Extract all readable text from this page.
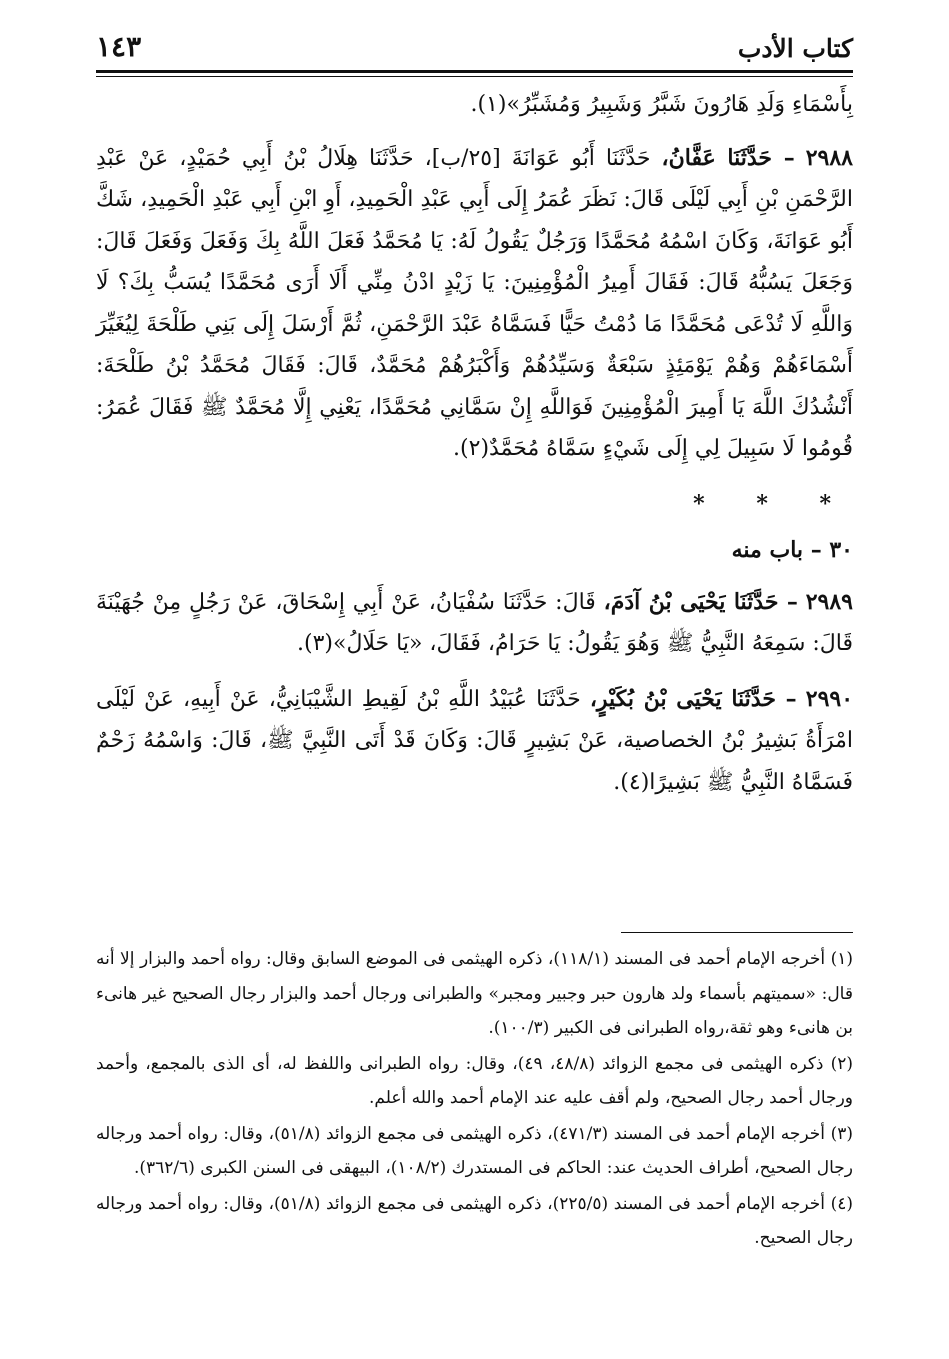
كتاب الأدب
١٤٣

بِأَسْمَاءِ وَلَدِ هَارُونَ شَبَّرُ وَشَبِيرُ وَمُشَبِّرُ»(١).

٢٩٨٨ – حَدَّثَنَا عَفَّانُ، حَدَّثَنَا أَبُو عَوَانَةَ [٢٥/ب]، حَدَّثَنَا هِلَالُ بْنُ أَبِي حُمَيْدٍ، عَنْ عَبْدِ الرَّحْمَنِ بْنِ أَبِي لَيْلَى قَالَ: نَظَرَ عُمَرُ إِلَى أَبِي عَبْدِ الْحَمِيدِ، أَوِ ابْنِ أَبِي عَبْدِ الْحَمِيدِ، شَكَّ أَبُو عَوَانَةَ، وَكَانَ اسْمُهُ مُحَمَّدًا وَرَجُلٌ يَقُولُ لَهُ: يَا مُحَمَّدُ فَعَلَ اللَّهُ بِكَ وَفَعَلَ وَفَعَلَ قَالَ: وَجَعَلَ يَسُبُّهُ قَالَ: فَقَالَ أَمِيرُ الْمُؤْمِنِينَ: يَا زَيْدٍ ادْنُ مِنِّي أَلَا أَرَى مُحَمَّدًا يُسَبُّ بِكَ؟ لَا وَاللَّهِ لَا تُدْعَى مُحَمَّدًا مَا دُمْتُ حَيًّا فَسَمَّاهُ عَبْدَ الرَّحْمَنِ، ثُمَّ أَرْسَلَ إِلَى بَنِي طَلْحَةَ لِيُغَيِّرَ أَسْمَاءَهُمْ وَهُمْ يَوْمَئِذٍ سَبْعَةٌ وَسَيِّدُهُمْ وَأَكْبَرُهُمْ مُحَمَّدٌ، قَالَ: فَقَالَ مُحَمَّدُ بْنُ طَلْحَةَ: أَنْشُدُكَ اللَّهَ يَا أَمِيرَ الْمُؤْمِنِينَ فَوَاللَّهِ إِنْ سَمَّانِي مُحَمَّدًا، يَعْنِي إِلَّا مُحَمَّدٌ ﷺ فَقَالَ عُمَرُ: قُومُوا لَا سَبِيلَ لِي إِلَى شَيْءٍ سَمَّاهُ مُحَمَّدٌ(٢).

* * *

٣٠ – باب منه

٢٩٨٩ – حَدَّثَنَا يَحْيَى بْنُ آدَمَ، قَالَ: حَدَّثَنَا سُفْيَانُ، عَنْ أَبِي إِسْحَاقَ، عَنْ رَجُلٍ مِنْ جُهَيْنَةَ قَالَ: سَمِعَهُ النَّبِيُّ ﷺ وَهُوَ يَقُولُ: يَا حَرَامُ، فَقَالَ، «يَا حَلَالُ»(٣).

٢٩٩٠ – حَدَّثَنَا يَحْيَى بْنُ بُكَيْرٍ، حَدَّثَنَا عُبَيْدُ اللَّهِ بْنُ لَقِيطِ الشَّيْبَانِيُّ، عَنْ أَبِيهِ، عَنْ لَيْلَى امْرَأَةُ بَشِيرُ بْنُ الخصاصية، عَنْ بَشِيرٍ قَالَ: وَكَانَ قَدْ أَتَى النَّبِيَّ ﷺ، قَالَ: وَاسْمُهُ زَحْمٌ فَسَمَّاهُ النَّبِيُّ ﷺ بَشِيرًا(٤).

(١) أخرجه الإمام أحمد فى المسند (١١٨/١)، ذكره الهيثمى فى الموضع السابق وقال: رواه أحمد والبزار إلا أنه قال: «سميتهم بأسماء ولد هارون حبر وجبير ومجبر» والطبرانى ورجال أحمد والبزار رجال الصحيح غير هانىء بن هانىء وهو ثقة،رواه الطبرانى فى الكبير (١٠٠/٣).

(٢) ذكره الهيثمى فى مجمع الزوائد (٤٨/٨، ٤٩)، وقال: رواه الطبرانى واللفظ له، أى الذى بالمجمع، وأحمد ورجال أحمد رجال الصحيح، ولم أقف عليه عند الإمام أحمد والله أعلم.

(٣) أخرجه الإمام أحمد فى المسند (٤٧١/٣)، ذكره الهيثمى فى مجمع الزوائد (٥١/٨)، وقال: رواه أحمد ورجاله رجال الصحيح، أطراف الحديث عند: الحاكم فى المستدرك (١٠٨/٢)، البيهقى فى السنن الكبرى (٣٦٢/٦).

(٤) أخرجه الإمام أحمد فى المسند (٢٢٥/٥)، ذكره الهيثمى فى مجمع الزوائد (٥١/٨)، وقال: رواه أحمد ورجاله رجال الصحيح.
